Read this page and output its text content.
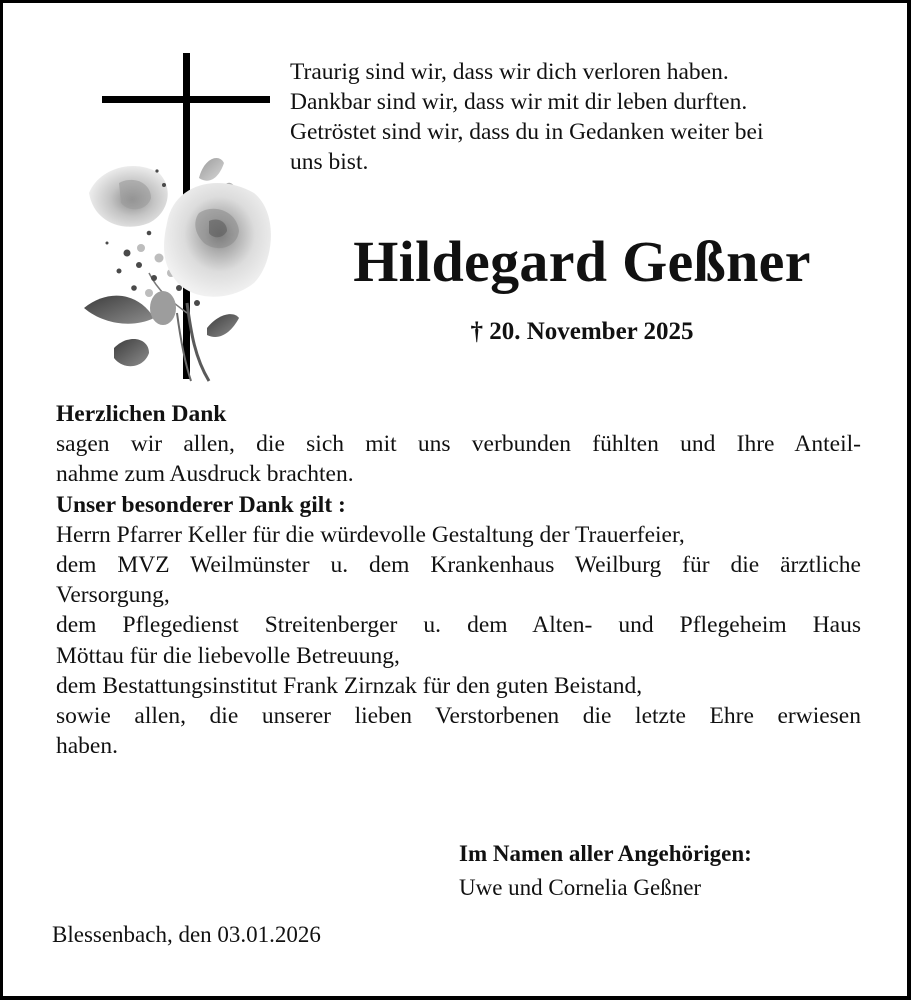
Traurig sind wir, dass wir dich verloren haben.
Dankbar sind wir, dass wir mit dir leben durften.
Getröstet sind wir, dass du in Gedanken weiter bei
uns bist.
Hildegard Geßner
† 20. November 2025
Herzlichen Dank
sagen wir allen, die sich mit uns verbunden fühlten und Ihre Anteil-
nahme zum Ausdruck brachten.
Unser besonderer Dank gilt :
Herrn Pfarrer Keller für die würdevolle Gestaltung der Trauerfeier,
dem MVZ Weilmünster u. dem Krankenhaus Weilburg für die ärztliche
Versorgung,
dem Pflegedienst Streitenberger u. dem Alten- und Pflegeheim Haus
Möttau für die liebevolle Betreuung,
dem Bestattungsinstitut Frank Zirnzak für den guten Beistand,
sowie allen, die unserer lieben Verstorbenen die letzte Ehre erwiesen
haben.
Im Namen aller Angehörigen:
Uwe und Cornelia Geßner
Blessenbach, den 03.01.2026
